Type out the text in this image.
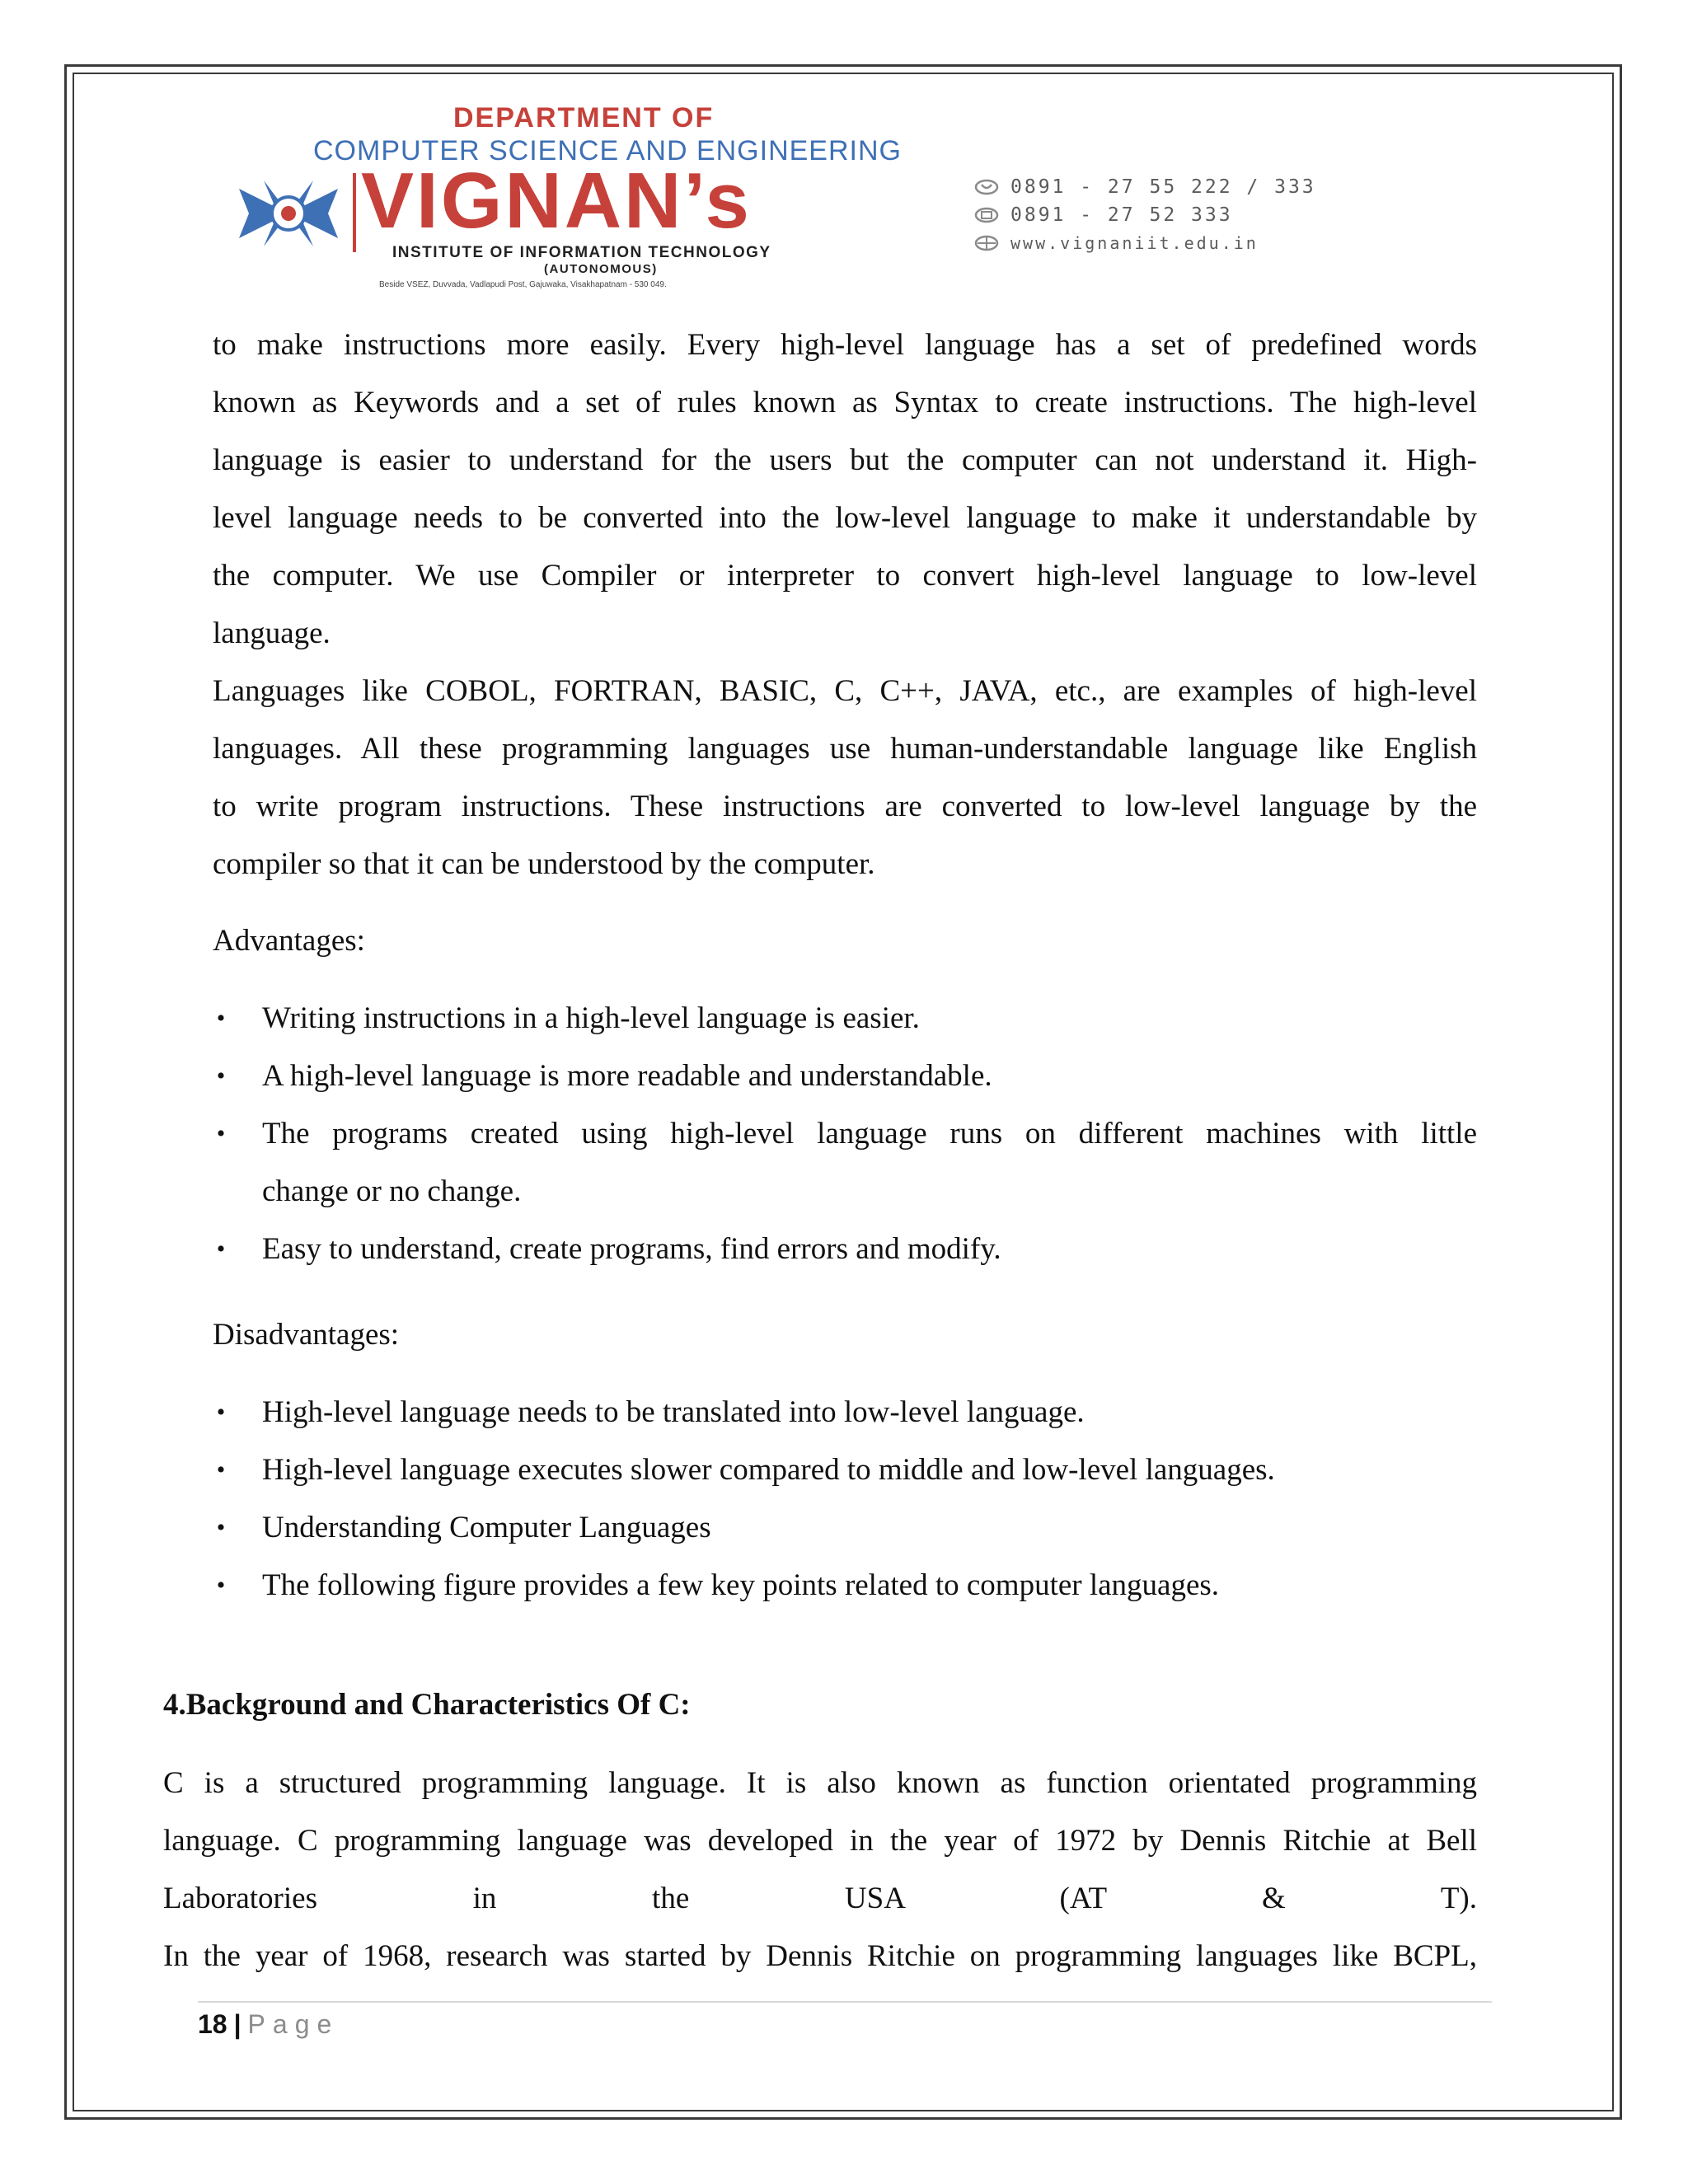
DEPARTMENT OF
COMPUTER SCIENCE AND ENGINEERING
VIGNAN’s
INSTITUTE OF INFORMATION TECHNOLOGY
(AUTONOMOUS)
Beside VSEZ, Duvvada, Vadlapudi Post, Gajuwaka, Visakhapatnam - 530 049.
0891 - 27 55 222 / 333
0891 - 27 52 333
www.vignaniit.edu.in
to make instructions more easily. Every high-level language has a set of predefined words
known as Keywords and a set of rules known as Syntax to create instructions. The high-level
language is easier to understand for the users but the computer can not understand it. High-
level language needs to be converted into the low-level language to make it understandable by
the computer. We use Compiler or interpreter to convert high-level language to low-level
language.
Languages like COBOL, FORTRAN, BASIC, C, C++, JAVA, etc., are examples of high-level
languages. All these programming languages use human-understandable language like English
to write program instructions. These instructions are converted to low-level language by the
compiler so that it can be understood by the computer.
Advantages:
• Writing instructions in a high-level language is easier.
• A high-level language is more readable and understandable.
• The programs created using high-level language runs on different machines with little
change or no change.
• Easy to understand, create programs, find errors and modify.
Disadvantages:
• High-level language needs to be translated into low-level language.
• High-level language executes slower compared to middle and low-level languages.
• Understanding Computer Languages
• The following figure provides a few key points related to computer languages.
4.Background and Characteristics Of C:
C is a structured programming language. It is also known as function orientated programming
language. C programming language was developed in the year of 1972 by Dennis Ritchie at Bell
Laboratories in the USA (AT & T).
In the year of 1968, research was started by Dennis Ritchie on programming languages like BCPL,
18 | Page
